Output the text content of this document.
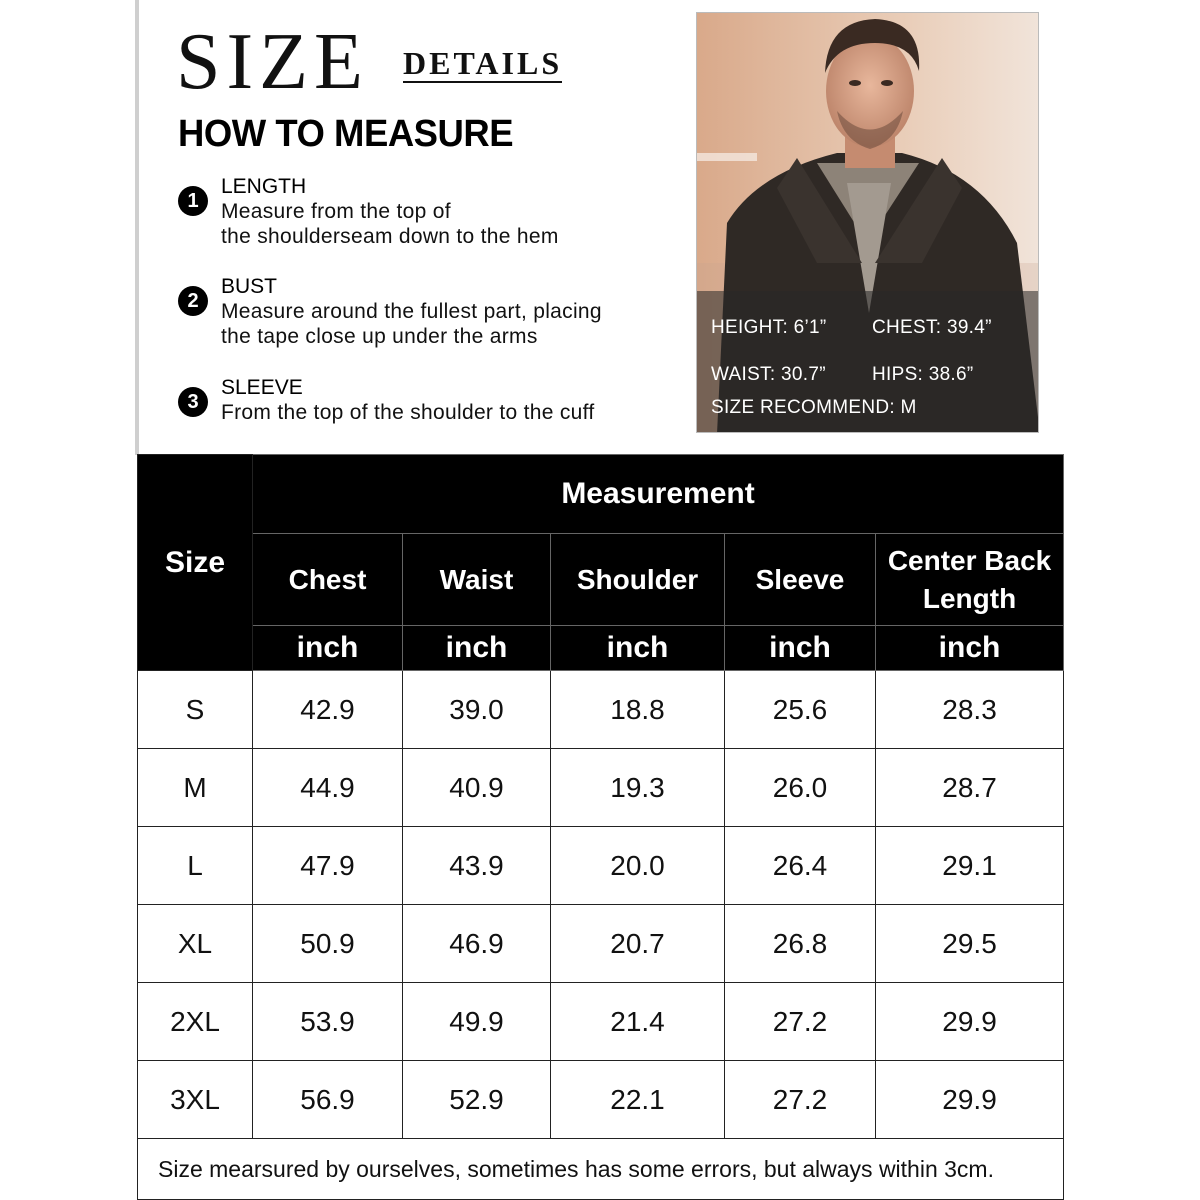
SIZE DETAILS
HOW TO MEASURE
1
LENGTH
Measure from the top of
the shoulderseam down to the hem
2
BUST
Measure around the fullest part, placing
the tape close up under the arms
3
SLEEVE
From the top of the shoulder to the cuff
HEIGHT: 6’1” CHEST: 39.4”
WAIST: 30.7” HIPS: 38.6”
SIZE RECOMMEND: M
Size	Measurement				
	Chest	Waist	Shoulder	Sleeve	Center Back Length
	inch	inch	inch	inch	inch
S	42.9	39.0	18.8	25.6	28.3
M	44.9	40.9	19.3	26.0	28.7
L	47.9	43.9	20.0	26.4	29.1
XL	50.9	46.9	20.7	26.8	29.5
2XL	53.9	49.9	21.4	27.2	29.9
3XL	56.9	52.9	22.1	27.2	29.9
Size mearsured by ourselves, sometimes has some errors, but always within 3cm.					
